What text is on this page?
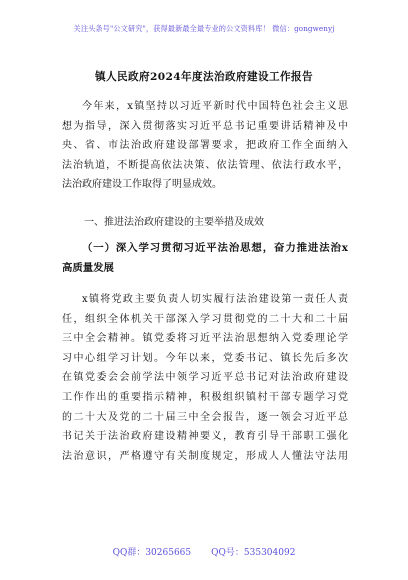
关注头条号"公文研究"，获得最新最全最专业的公文资料库！ 微信：gongwenyj
镇人民政府2024年度法治政府建设工作报告
今年来，x镇坚持以习近平新时代中国特色社会主义思
想为指导，深入贯彻落实习近平总书记重要讲话精神及中
央、省、市法治政府建设部署要求，把政府工作全面纳入
法治轨道，不断提高依法决策、依法管理、依法行政水平，
法治政府建设工作取得了明显成效。
一、推进法治政府建设的主要举措及成效
（一）深入学习贯彻习近平法治思想，奋力推进法治x
高质量发展
x镇将党政主要负责人切实履行法治建设第一责任人责
任，组织全体机关干部深入学习贯彻党的二十大和二十届
三中全会精神。镇党委将习近平法治思想纳入党委理论学
习中心组学习计划。今年以来，党委书记、镇长先后多次
在镇党委会会前学法中领学习近平总书记对法治政府建设
工作作出的重要指示精神，积极组织镇村干部专题学习党
的二十大及党的二十届三中全会报告，逐一领会习近平总
书记关于法治政府建设精神要义，教育引导干部职工强化
法治意识，严格遵守有关制度规定，形成人人懂法守法用
QQ群：30265665 QQ号：535304092
